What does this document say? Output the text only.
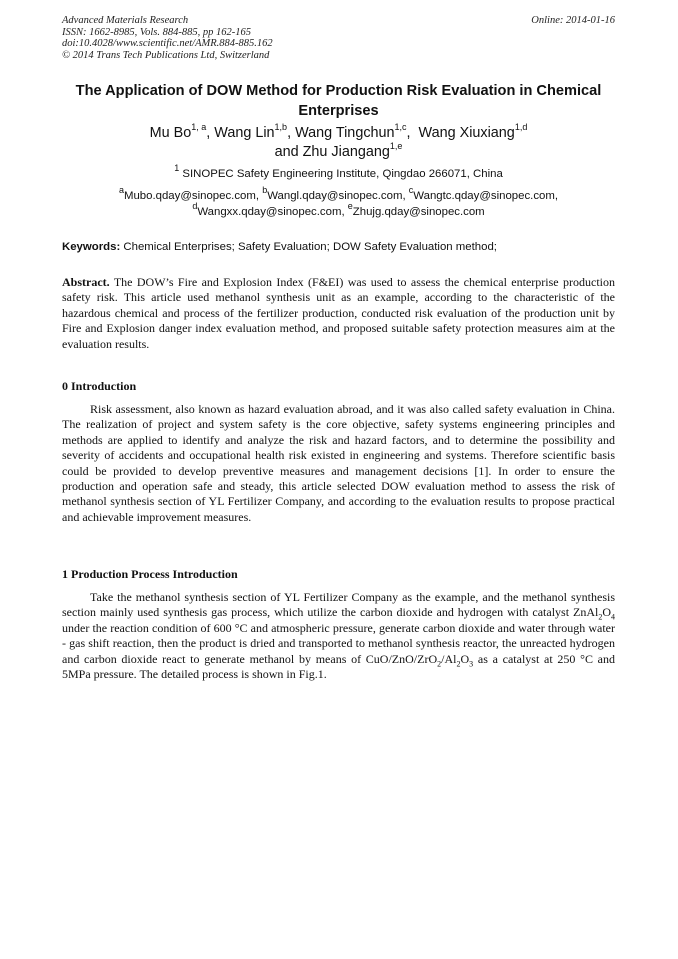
Advanced Materials Research
ISSN: 1662-8985, Vols. 884-885, pp 162-165
doi:10.4028/www.scientific.net/AMR.884-885.162
© 2014 Trans Tech Publications Ltd, Switzerland
Online: 2014-01-16
The Application of DOW Method for Production Risk Evaluation in Chemical Enterprises
Mu Bo$^{1, a}$, Wang Lin$^{1,b}$, Wang Tingchun$^{1,c}$,  Wang Xiuxiang$^{1,d}$
and Zhu Jiangang$^{1,e}$
$^1$ SINOPEC Safety Engineering Institute, Qingdao 266071, China
$^a$Mubo.qday@sinopec.com, $^b$Wangl.qday@sinopec.com, $^c$Wangtc.qday@sinopec.com,
$^d$Wangxx.qday@sinopec.com, $^e$Zhujg.qday@sinopec.com
Keywords: Chemical Enterprises; Safety Evaluation; DOW Safety Evaluation method;
Abstract. The DOW’s Fire and Explosion Index (F&EI) was used to assess the chemical enterprise production safety risk. This article used methanol synthesis unit as an example, according to the characteristic of the hazardous chemical and process of the fertilizer production, conducted risk evaluation of the production unit by Fire and Explosion danger index evaluation method, and proposed suitable safety protection measures aim at the evaluation results.
0 Introduction
Risk assessment, also known as hazard evaluation abroad, and it was also called safety evaluation in China. The realization of project and system safety is the core objective, safety systems engineering principles and methods are applied to identify and analyze the risk and hazard factors, and to determine the possibility and severity of accidents and occupational health risk existed in engineering and systems. Therefore scientific basis could be provided to develop preventive measures and management decisions [1]. In order to ensure the production and operation safe and steady, this article selected DOW evaluation method to assess the risk of methanol synthesis section of YL Fertilizer Company, and according to the evaluation results to propose practical and achievable improvement measures.
1 Production Process Introduction
Take the methanol synthesis section of YL Fertilizer Company as the example, and the methanol synthesis section mainly used synthesis gas process, which utilize the carbon dioxide and hydrogen with catalyst $ZnAl_2O_4$ under the reaction condition of 600 °C and atmospheric pressure, generate carbon dioxide and water through water - gas shift reaction, then the product is dried and transported to methanol synthesis reactor, the unreacted hydrogen and carbon dioxide react to generate methanol by means of CuO/$ZnO/ZrO_2/Al_2O_3$ as a catalyst at 250 °C and 5MPa pressure. The detailed process is shown in Fig.1.
